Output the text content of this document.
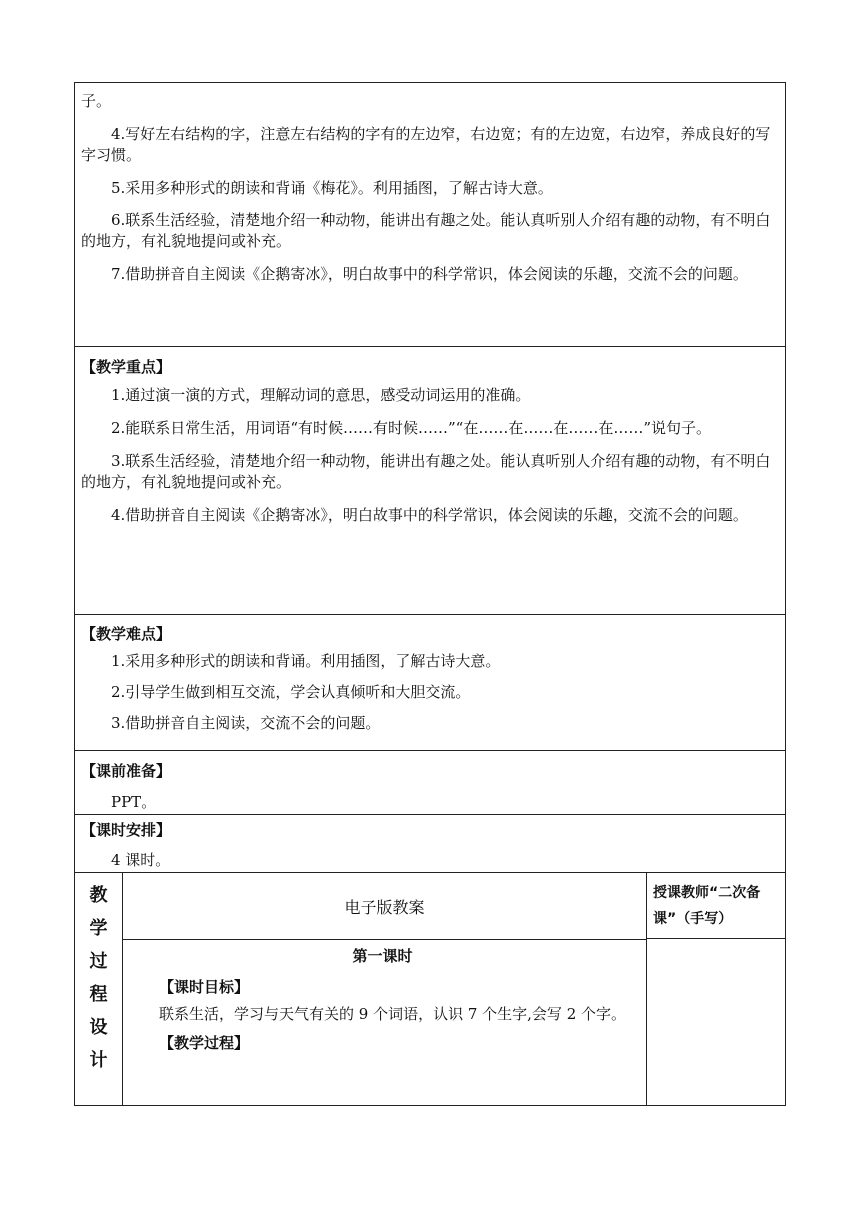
子。

4.写好左右结构的字，注意左右结构的字有的左边窄，右边宽；有的左边宽，右边窄，养成良好的写字习惯。

5.采用多种形式的朗读和背诵《梅花》。利用插图，了解古诗大意。

6.联系生活经验，清楚地介绍一种动物，能讲出有趣之处。能认真听别人介绍有趣的动物，有不明白的地方，有礼貌地提问或补充。

7.借助拼音自主阅读《企鹅寄冰》，明白故事中的科学常识，体会阅读的乐趣，交流不会的问题。

【教学重点】

1.通过演一演的方式，理解动词的意思，感受动词运用的准确。

2.能联系日常生活，用词语“有时候……有时候……”“在……在……在……在……”说句子。

3.联系生活经验，清楚地介绍一种动物，能讲出有趣之处。能认真听别人介绍有趣的动物，有不明白的地方，有礼貌地提问或补充。

4.借助拼音自主阅读《企鹅寄冰》，明白故事中的科学常识，体会阅读的乐趣，交流不会的问题。

【教学难点】

1.采用多种形式的朗读和背诵。利用插图，了解古诗大意。

2.引导学生做到相互交流，学会认真倾听和大胆交流。

3.借助拼音自主阅读，交流不会的问题。

【课前准备】

PPT。

【课时安排】

4 课时。

教
学
过
程
设
计
电子版教案
授课教师“二次备课”（手写）

第一课时

【课时目标】

联系生活，学习与天气有关的 9 个词语，认识 7 个生字,会写 2 个字。

【教学过程】
